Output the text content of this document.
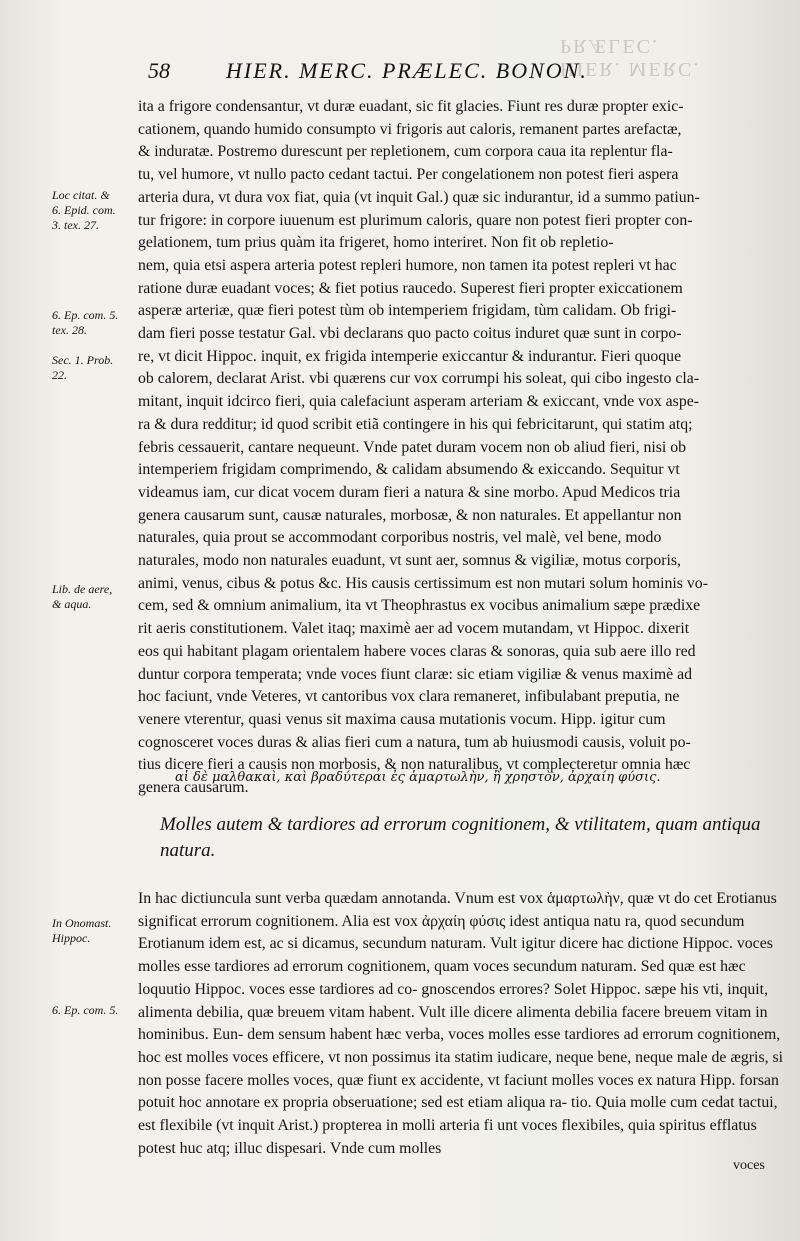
HIER. MERC. PRÆLEC.
58	HIER. MERC. PRÆLEC. BONON.
Loc citat. &
6. Epid. com.
3. tex. 27.
6. Ep. com. 5.
tex. 28.
Sec. 1. Prob.
22.
Lib. de aere,
& aqua.
In Onomast.
Hippoc.
6. Ep. com. 5.
ita a frigore condensantur, vt duræ euadant, sic fit glacies. Fiunt res duræ propter exic-
cationem, quando humido consumpto vi frigoris aut caloris, remanent partes arefactæ,
& induratæ. Postremo durescunt per repletionem, cum corpora caua ita replentur fla-
tu, vel humore, vt nullo pacto cedant tactui. Per congelationem non potest fieri aspera
arteria dura, vt dura vox fiat, quia (vt inquit Gal.) quæ sic indurantur, id a summo patiun-
tur frigore: in corpore iuuenum est plurimum caloris, quare non potest fieri propter con-
gelationem, tum prius quàm ita frigeret, homo interiret. Non fit ob repletio-
nem, quia etsi aspera arteria potest repleri humore, non tamen ita potest repleri vt hac
ratione duræ euadant voces; & fiet potius raucedo. Superest fieri propter exiccationem
asperæ arteriæ, quæ fieri potest tùm ob intemperiem frigidam, tùm calidam. Ob frigi-
dam fieri posse testatur Gal. vbi declarans quo pacto coitus induret quæ sunt in corpo-
re, vt dicit Hippoc. inquit, ex frigida intemperie exiccantur & indurantur. Fieri quoque
ob calorem, declarat Arist. vbi quærens cur vox corrumpi his soleat, qui cibo ingesto cla-
mitant, inquit idcirco fieri, quia calefaciunt asperam arteriam & exiccant, vnde vox aspe-
ra & dura redditur; id quod scribit etiã contingere in his qui febricitarunt, qui statim atq;
febris cessauerit, cantare nequeunt. Vnde patet duram vocem non ob aliud fieri, nisi ob
intemperiem frigidam comprimendo, & calidam absumendo & exiccando. Sequitur vt
videamus iam, cur dicat vocem duram fieri a natura & sine morbo. Apud Medicos tria
genera causarum sunt, causæ naturales, morbosæ, & non naturales. Et appellantur non
naturales, quia prout se accommodant corporibus nostris, vel malè, vel bene, modo
naturales, modo non naturales euadunt, vt sunt aer, somnus & vigiliæ, motus corporis,
animi, venus, cibus & potus &c. His causis certissimum est non mutari solum hominis vo-
cem, sed & omnium animalium, ita vt Theophrastus ex vocibus animalium sæpe prædixe
rit aeris constitutionem. Valet itaq; maximè aer ad vocem mutandam, vt Hippoc. dixerit
eos qui habitant plagam orientalem habere voces claras & sonoras, quia sub aere illo red
duntur corpora temperata; vnde voces fiunt claræ: sic etiam vigiliæ & venus maximè ad
hoc faciunt, vnde Veteres, vt cantoribus vox clara remaneret, infibulabant preputia, ne
venere vterentur, quasi venus sit maxima causa mutationis vocum. Hipp. igitur cum
cognosceret voces duras & alias fieri cum a natura, tum ab huiusmodi causis, voluit po-
tius dicere fieri a causis non morbosis, & non naturalibus, vt complecteretur omnia hæc
genera causarum.
αἱ δὲ μαλθακαὶ, καὶ βραδύτεραι ἐς ἁμαρτωλὴν, ἢ χρηστὸν, ἀρχαίη φύσις.
Molles autem & tardiores ad errorum cognitionem, & vtilitatem, quam antiqua natura.
In hac dictiuncula sunt verba quædam annotanda. Vnum est vox ἁμαρτωλὴν, quæ vt do cet Erotianus significat errorum cognitionem. Alia est vox ἀρχαίη φύσις idest antiqua natu ra, quod secundum Erotianum idem est, ac si dicamus, secundum naturam. Vult igitur dicere hac dictione Hippoc. voces molles esse tardiores ad errorum cognitionem, quam voces secundum naturam. Sed quæ est hæc loquutio Hippoc. voces esse tardiores ad co- gnoscendos errores? Solet Hippoc. sæpe his vti, inquit, alimenta debilia, quæ breuem vitam habent. Vult ille dicere alimenta debilia facere breuem vitam in hominibus. Eun- dem sensum habent hæc verba, voces molles esse tardiores ad errorum cognitionem, hoc est molles voces efficere, vt non possimus ita statim iudicare, neque bene, neque male de ægris, si non posse facere molles voces, quæ fiunt ex accidente, vt faciunt molles voces ex natura Hipp. forsan potuit hoc annotare ex propria obseruatione; sed est etiam aliqua ra- tio. Quia molle cum cedat tactui, est flexibile (vt inquit Arist.) propterea in molli arteria fi unt voces flexibiles, quia spiritus efflatus potest huc atq; illuc dispesari. Vnde cum molles
voces
